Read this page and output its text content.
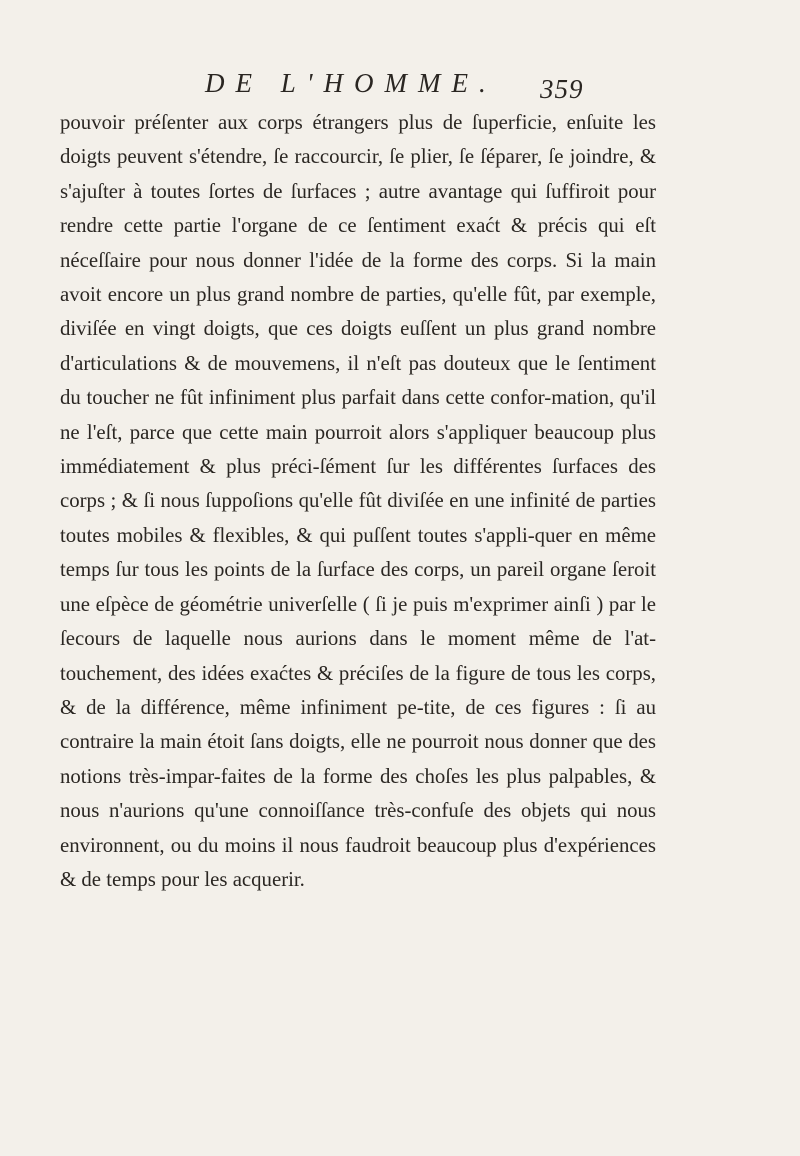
DE L'HOMME. 359

pouvoir préſenter aux corps étrangers plus de ſuperficie, enſuite les doigts peuvent s'étendre, ſe raccourcir, ſe plier, ſe ſéparer, ſe joindre, & s'ajuſter à toutes ſortes de ſurfaces ; autre avantage qui ſuffiroit pour rendre cette partie l'organe de ce ſentiment exaćt & précis qui eſt néceſſaire pour nous donner l'idée de la forme des corps. Si la main avoit encore un plus grand nombre de parties, qu'elle fût, par exemple, diviſée en vingt doigts, que ces doigts euſſent un plus grand nombre d'articulations & de mouvemens, il n'eſt pas douteux que le ſentiment du toucher ne fût infiniment plus parfait dans cette confor-mation, qu'il ne l'eſt, parce que cette main pourroit alors s'appliquer beaucoup plus immédiatement & plus préci-ſément ſur les différentes ſurfaces des corps ; & ſi nous ſuppoſions qu'elle fût diviſée en une infinité de parties toutes mobiles & flexibles, & qui puſſent toutes s'appli-quer en même temps ſur tous les points de la ſurface des corps, un pareil organe ſeroit une eſpèce de géométrie univerſelle ( ſi je puis m'exprimer ainſi ) par le ſecours de laquelle nous aurions dans le moment même de l'at-touchement, des idées exaćtes & préciſes de la figure de tous les corps, & de la différence, même infiniment pe-tite, de ces figures : ſi au contraire la main étoit ſans doigts, elle ne pourroit nous donner que des notions très-impar-faites de la forme des choſes les plus palpables, & nous n'aurions qu'une connoiſſance très-confuſe des objets qui nous environnent, ou du moins il nous faudroit beaucoup plus d'expériences & de temps pour les acquerir.
